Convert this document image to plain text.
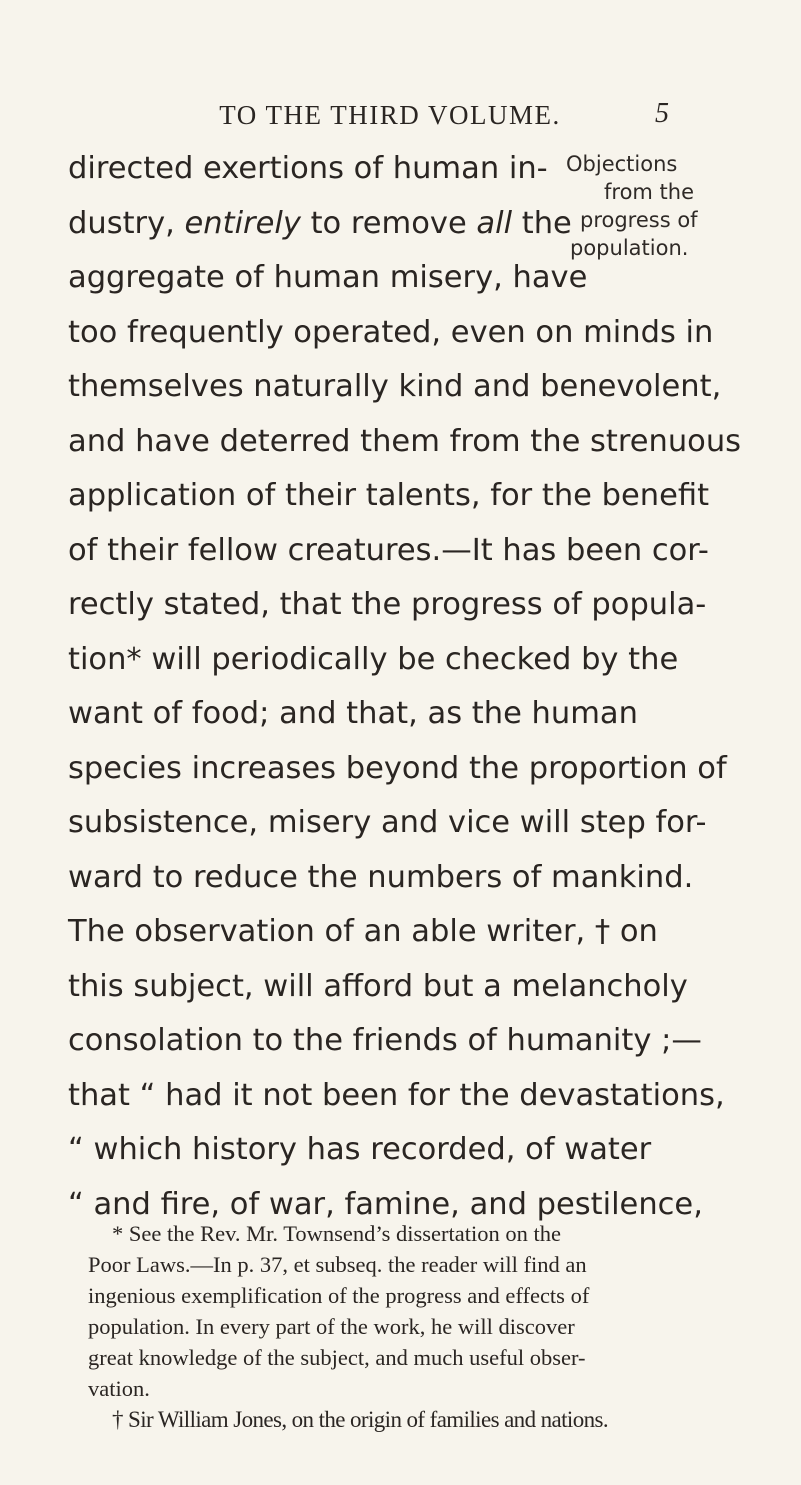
TO THE THIRD VOLUME.	5
Objections
from the
progress of
population.
directed exertions of human in-
dustry, entirely to remove all the
aggregate of human misery, have
too frequently operated, even on minds in
themselves naturally kind and benevolent,
and have deterred them from the strenuous
application of their talents, for the benefit
of their fellow creatures.—It has been cor-
rectly stated, that the progress of popula-
tion* will periodically be checked by the
want of food; and that, as the human
species increases beyond the proportion of
subsistence, misery and vice will step for-
ward to reduce the numbers of mankind.
The observation of an able writer, † on
this subject, will afford but a melancholy
consolation to the friends of humanity ;—
that “ had it not been for the devastations,
“ which history has recorded, of water
“ and fire, of war, famine, and pestilence,
* See the Rev. Mr. Townsend’s dissertation on the
Poor Laws.—In p. 37, et subseq. the reader will find an
ingenious exemplification of the progress and effects of
population. In every part of the work, he will discover
great knowledge of the subject, and much useful obser-
vation.
† Sir William Jones, on the origin of families and nations.
